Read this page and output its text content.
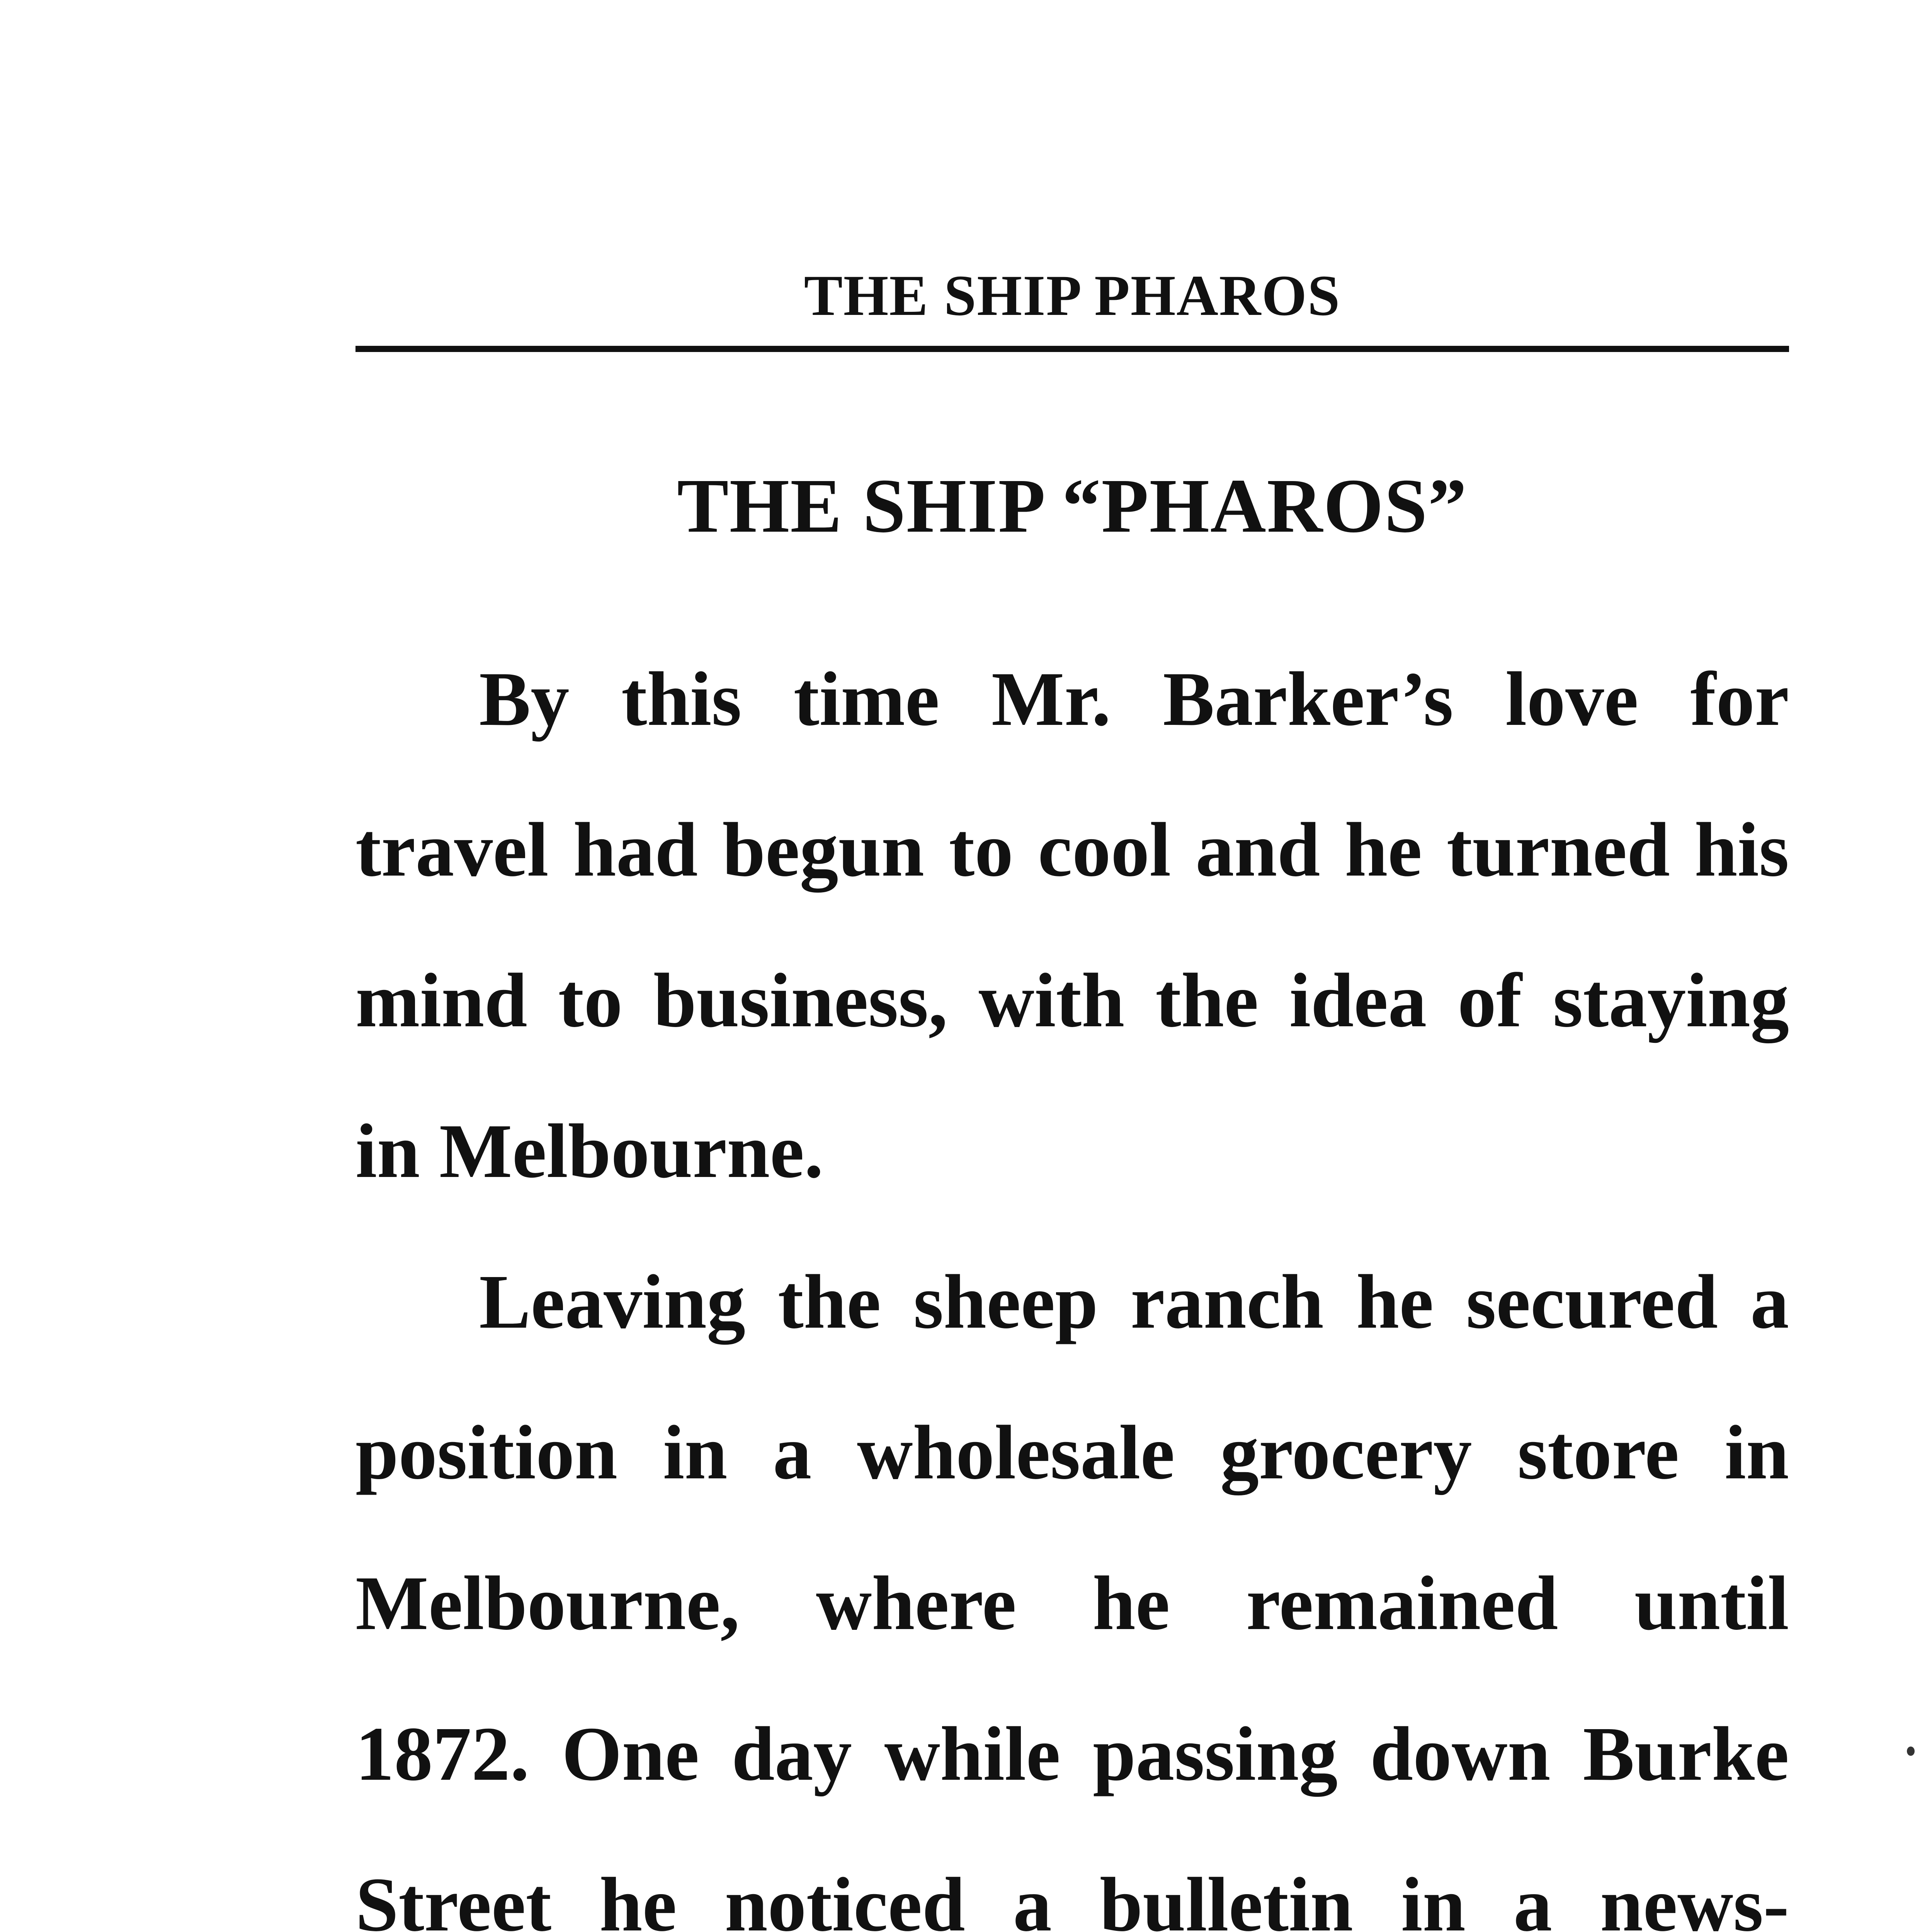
THE SHIP PHAROS
THE SHIP “PHAROS”
By this time Mr. Barker’s love for
travel had begun to cool and he turned his
mind to business, with the idea of staying
in Melbourne.
Leaving the sheep ranch he secured a
position in a wholesale grocery store in
Melbourne, where he remained until
1872. One day while passing down Burke
Street he noticed a bulletin in a news-
